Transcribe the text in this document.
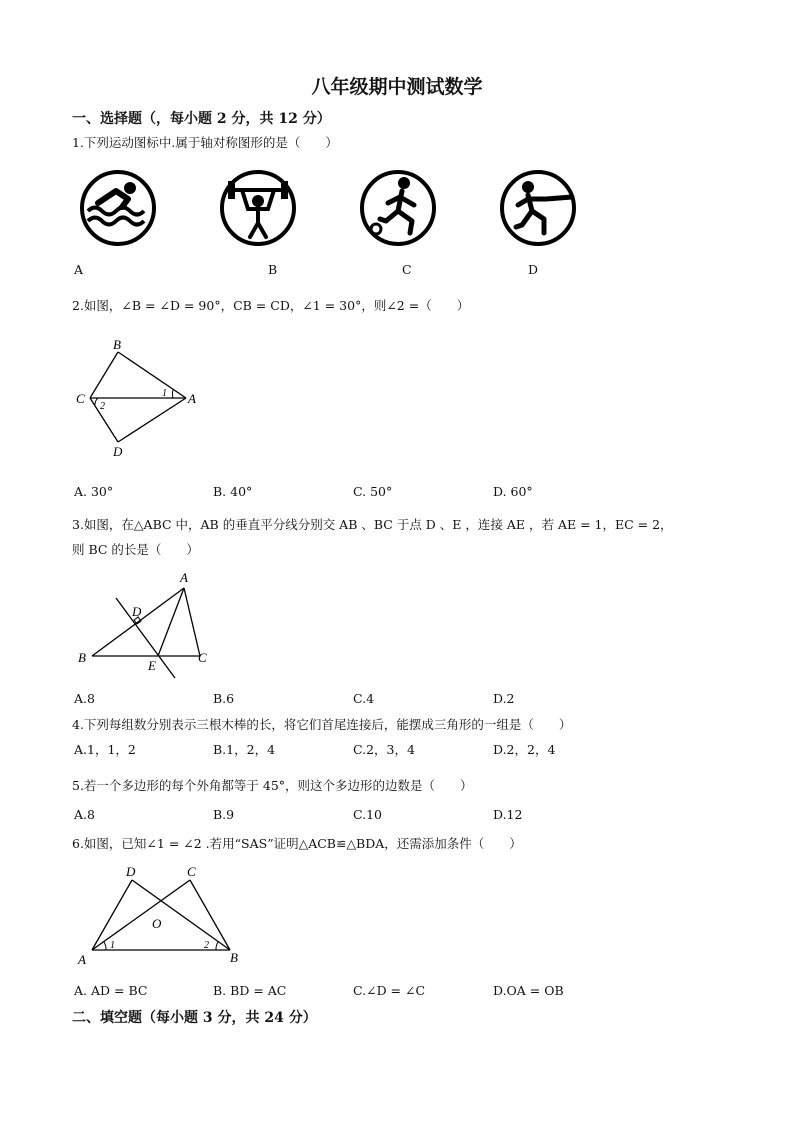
八年级期中测试数学
一、选择题（，每小题 2 分，共 12 分）
1.下列运动图标中.属于轴对称图形的是（　　）
A	B	C	D
2.如图，∠B = ∠D = 90°，CB = CD，∠1 = 30°，则∠2 =（　　）
B
C	A
D
1
2
A. 30°	B. 40°	C. 50°	D. 60°
3.如图，在△ABC 中，AB 的垂直平分线分别交 AB 、BC 于点 D 、E ，连接 AE ，若 AE = 1，EC = 2，
则 BC 的长是（　　）
A
D
B
E
C
A.8	B.6	C.4	D.2
4.下列每组数分别表示三根木棒的长，将它们首尾连接后，能摆成三角形的一组是（　　）
A.1，1，2	B.1，2，4	C.2，3，4	D.2，2，4
5.若一个多边形的每个外角都等于 45°，则这个多边形的边数是（　　）
A.8	B.9	C.10	D.12
6.如图，已知∠1 = ∠2 .若用“SAS”证明△ACB≌△BDA，还需添加条件（　　）
D	C
O
A	B
1	2
A. AD = BC	B. BD = AC	C.∠D = ∠C	D.OA = OB
二、填空题（每小题 3 分，共 24 分）
